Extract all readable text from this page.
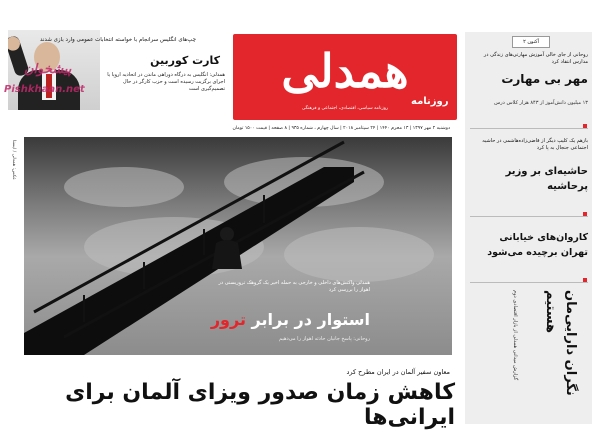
چپ‌های انگلیس سرانجام با خواسته انتخابات عمومی وارد بازی شدند
کارت کوربین
همدلی: انگلیس به درگاه دوراهی ماندن در اتحادیه اروپا یا اجرای برگزیت رسیده است و حزب کارگر در حال تصمیم‌گیری است
پیشخوان
Pishkhaan.net	همدلی
روزنامه
روزنامه سیاسی، اقتصادی، اجتماعی و فرهنگی
دوشنبه ۲ مهر ۱۳۹۷ | ۱۳ محرم ۱۴۴۰ | ۲۴ سپتامبر ۲۰۱۸ | سال چهارم ، شماره ۹۳۵ | ۸ صفحه | قیمت ۱۵۰۰ تومان
عکس: همدلی / ایسنا
همدلی واکنش‌های داخلی و خارجی به حمله اخیر یک گروهک تروریستی در اهواز را بررسی کرد
استوار در برابر ترور
روحانی: پاسخ جانیان حادثه اهواز را می‌دهیم
معاون سفیر آلمان در ایران مطرح کرد
کاهش زمان صدور ویزای آلمان برای ایرانی‌ها
۲ آکنون
روحانی از جای خالی آموزش مهارتی‌های زندگی در مدارس انتقاد کرد
مهر بی مهارت
۱۳ میلیون دانش‌آموز از ۸۴۳ هزار کلاس درس
بازهم یک کلیپ دیگر از قاضی‌زاده‌هاشمی در حاشیه اجتماعی جنجال به پا کرد
حاشیه‌ای بر وزیر پرحاشیه
کاروان‌های خیابانی تهران برچیده می‌شود
نگران دارایی‌مان هستیم
گزارش میدانی همدلی از بازار اقتصادی دوم
